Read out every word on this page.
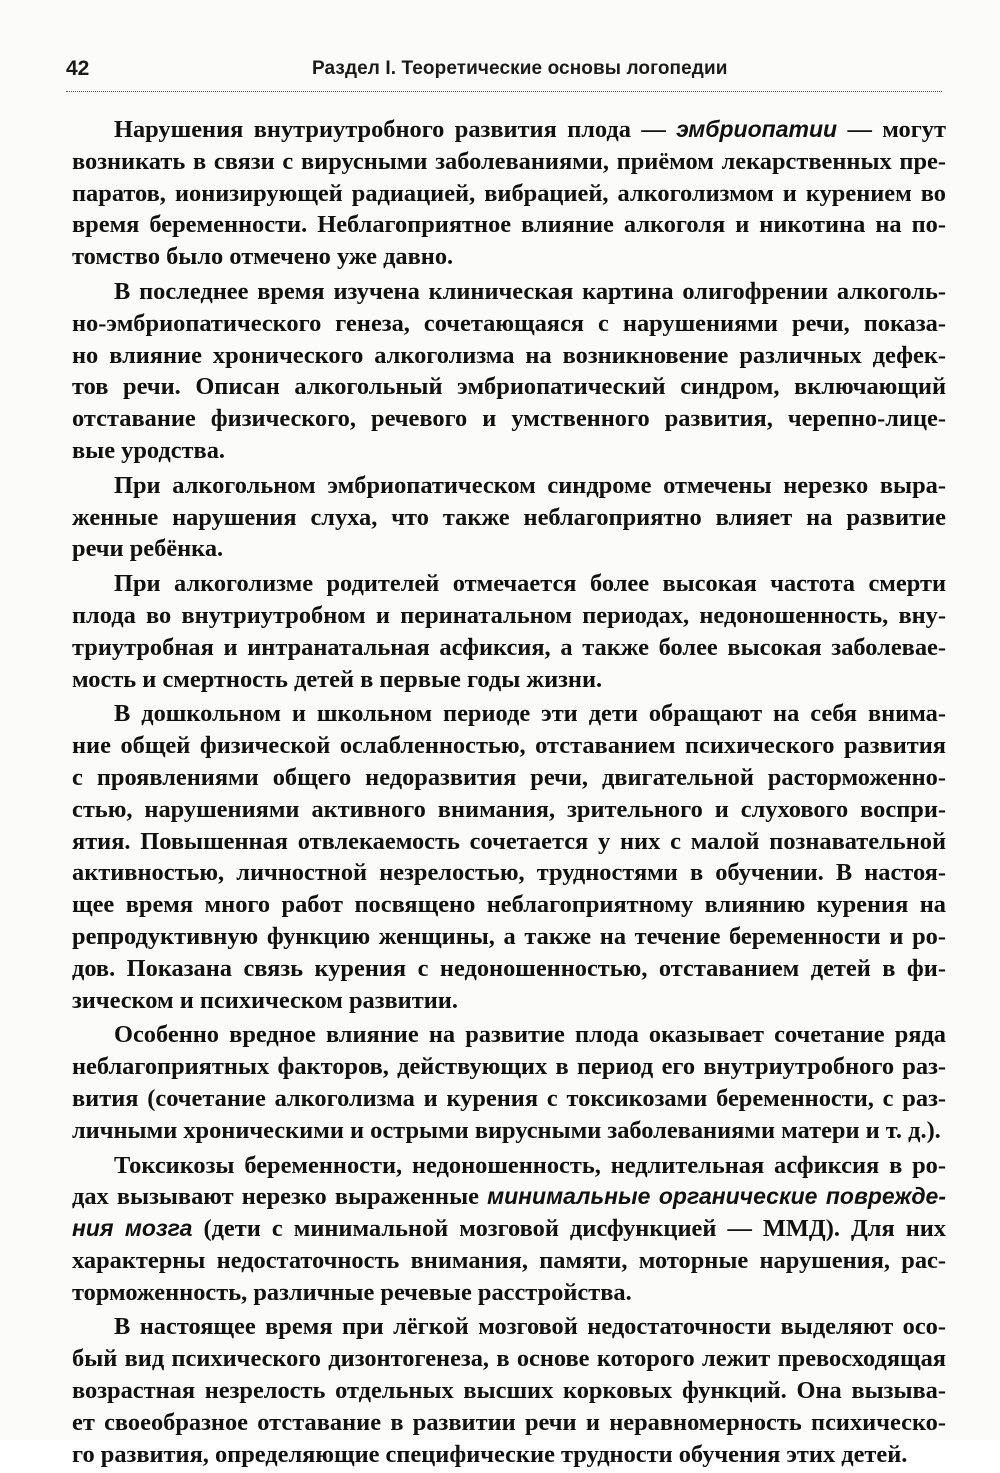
42	Раздел I. Теоретические основы логопедии

Нарушения внутриутробного развития плода — эмбриопатии — могут
возникать в связи с вирусными заболеваниями, приёмом лекарственных пре-
паратов, ионизирующей радиацией, вибрацией, алкоголизмом и курением во
время беременности. Неблагоприятное влияние алкоголя и никотина на по-
томство было отмечено уже давно.

В последнее время изучена клиническая картина олигофрении алкоголь-
но-эмбриопатического генеза, сочетающаяся с нарушениями речи, показа-
но влияние хронического алкоголизма на возникновение различных дефек-
тов речи. Описан алкогольный эмбриопатический синдром, включающий
отставание физического, речевого и умственного развития, черепно-лице-
вые уродства.

При алкогольном эмбриопатическом синдроме отмечены нерезко выра-
женные нарушения слуха, что также неблагоприятно влияет на развитие
речи ребёнка.

При алкоголизме родителей отмечается более высокая частота смерти
плода во внутриутробном и перинатальном периодах, недоношенность, вну-
триутробная и интранатальная асфиксия, а также более высокая заболевае-
мость и смертность детей в первые годы жизни.

В дошкольном и школьном периоде эти дети обращают на себя внима-
ние общей физической ослабленностью, отставанием психического развития
с проявлениями общего недоразвития речи, двигательной расторможенно-
стью, нарушениями активного внимания, зрительного и слухового воспри-
ятия. Повышенная отвлекаемость сочетается у них с малой познавательной
активностью, личностной незрелостью, трудностями в обучении. В настоя-
щее время много работ посвящено неблагоприятному влиянию курения на
репродуктивную функцию женщины, а также на течение беременности и ро-
дов. Показана связь курения с недоношенностью, отставанием детей в фи-
зическом и психическом развитии.

Особенно вредное влияние на развитие плода оказывает сочетание ряда
неблагоприятных факторов, действующих в период его внутриутробного раз-
вития (сочетание алкоголизма и курения с токсикозами беременности, с раз-
личными хроническими и острыми вирусными заболеваниями матери и т. д.).

Токсикозы беременности, недоношенность, недлительная асфиксия в ро-
дах вызывают нерезко выраженные минимальные органические поврежде-
ния мозга (дети с минимальной мозговой дисфункцией — ММД). Для них
характерны недостаточность внимания, памяти, моторные нарушения, рас-
торможенность, различные речевые расстройства.

В настоящее время при лёгкой мозговой недостаточности выделяют осо-
бый вид психического дизонтогенеза, в основе которого лежит превосходящая
возрастная незрелость отдельных высших корковых функций. Она вызыва-
ет своеобразное отставание в развитии речи и неравномерность психическо-
го развития, определяющие специфические трудности обучения этих детей.
